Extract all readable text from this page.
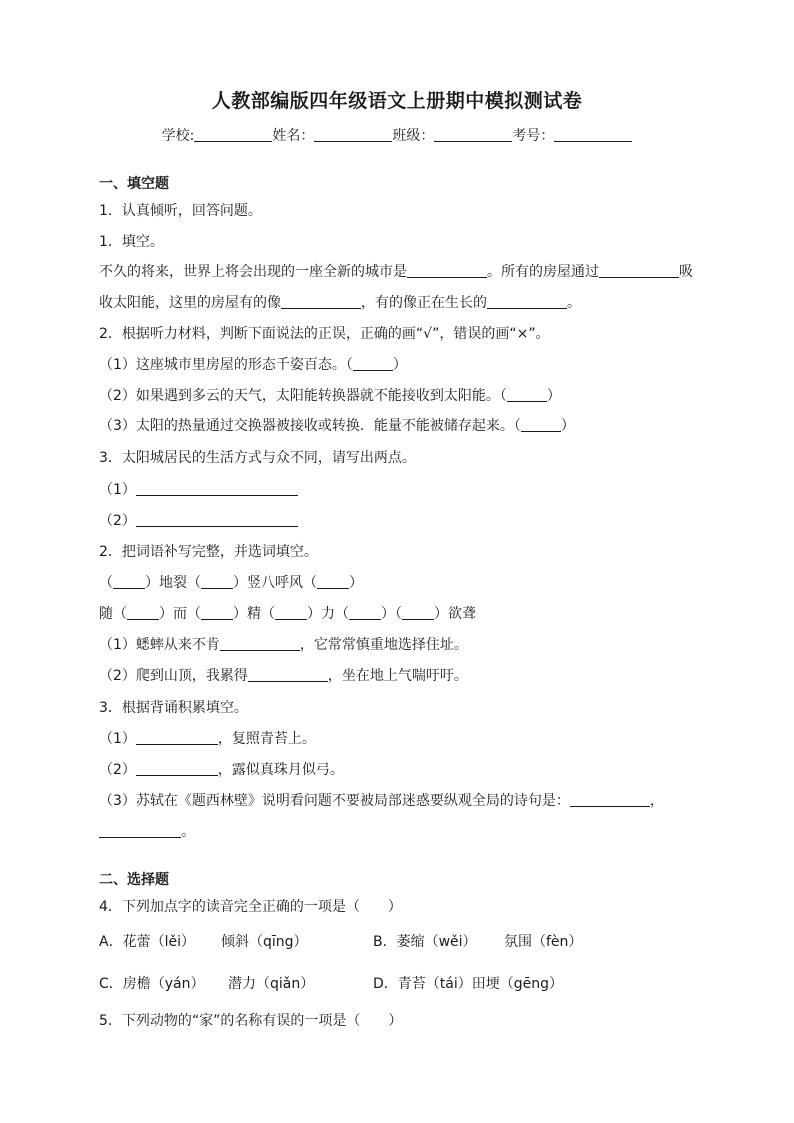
人教部编版四年级语文上册期中模拟测试卷
学校:	姓名：	班级：	考号：
一、填空题
1．认真倾听，回答问题。
1．填空。
不久的将来，世界上将会出现的一座全新的城市是	。所有的房屋通过	吸
收太阳能，这里的房屋有的像	，有的像正在生长的	。
2．根据听力材料，判断下面说法的正误，正确的画“√”，错误的画“×”。
（1）这座城市里房屋的形态千姿百态。（	）
（2）如果遇到多云的天气，太阳能转换器就不能接收到太阳能。（	）
（3）太阳的热量通过交换器被接收或转换．能量不能被储存起来。（	）
3．太阳城居民的生活方式与众不同，请写出两点。
（1）
（2）
2．把词语补写完整，并选词填空。
（ ）地裂（ ）竖八呼风（ ）
随（ ）而（ ）精（ ）力（ ）（ ）欲聋
（1）蟋蟀从来不肯	，它常常慎重地选择住址。
（2）爬到山顶，我累得	，坐在地上气喘吁吁。
3．根据背诵积累填空。
（1）	，复照青苔上。
（2）	，露似真珠月似弓。
（3）苏轼在《题西林壁》说明看问题不要被局部迷惑要纵观全局的诗句是：	，
。
二、选择题
4．下列加点字的读音完全正确的一项是（　　）
A．花蕾（lěi） 倾斜（qīng）	B．萎缩（wěi） 氛围（fèn）
C．房檐（yán） 潜力（qiǎn）	D．青苔（tái）田埂（gēng）
5．下列动物的“家”的名称有误的一项是（　　）
